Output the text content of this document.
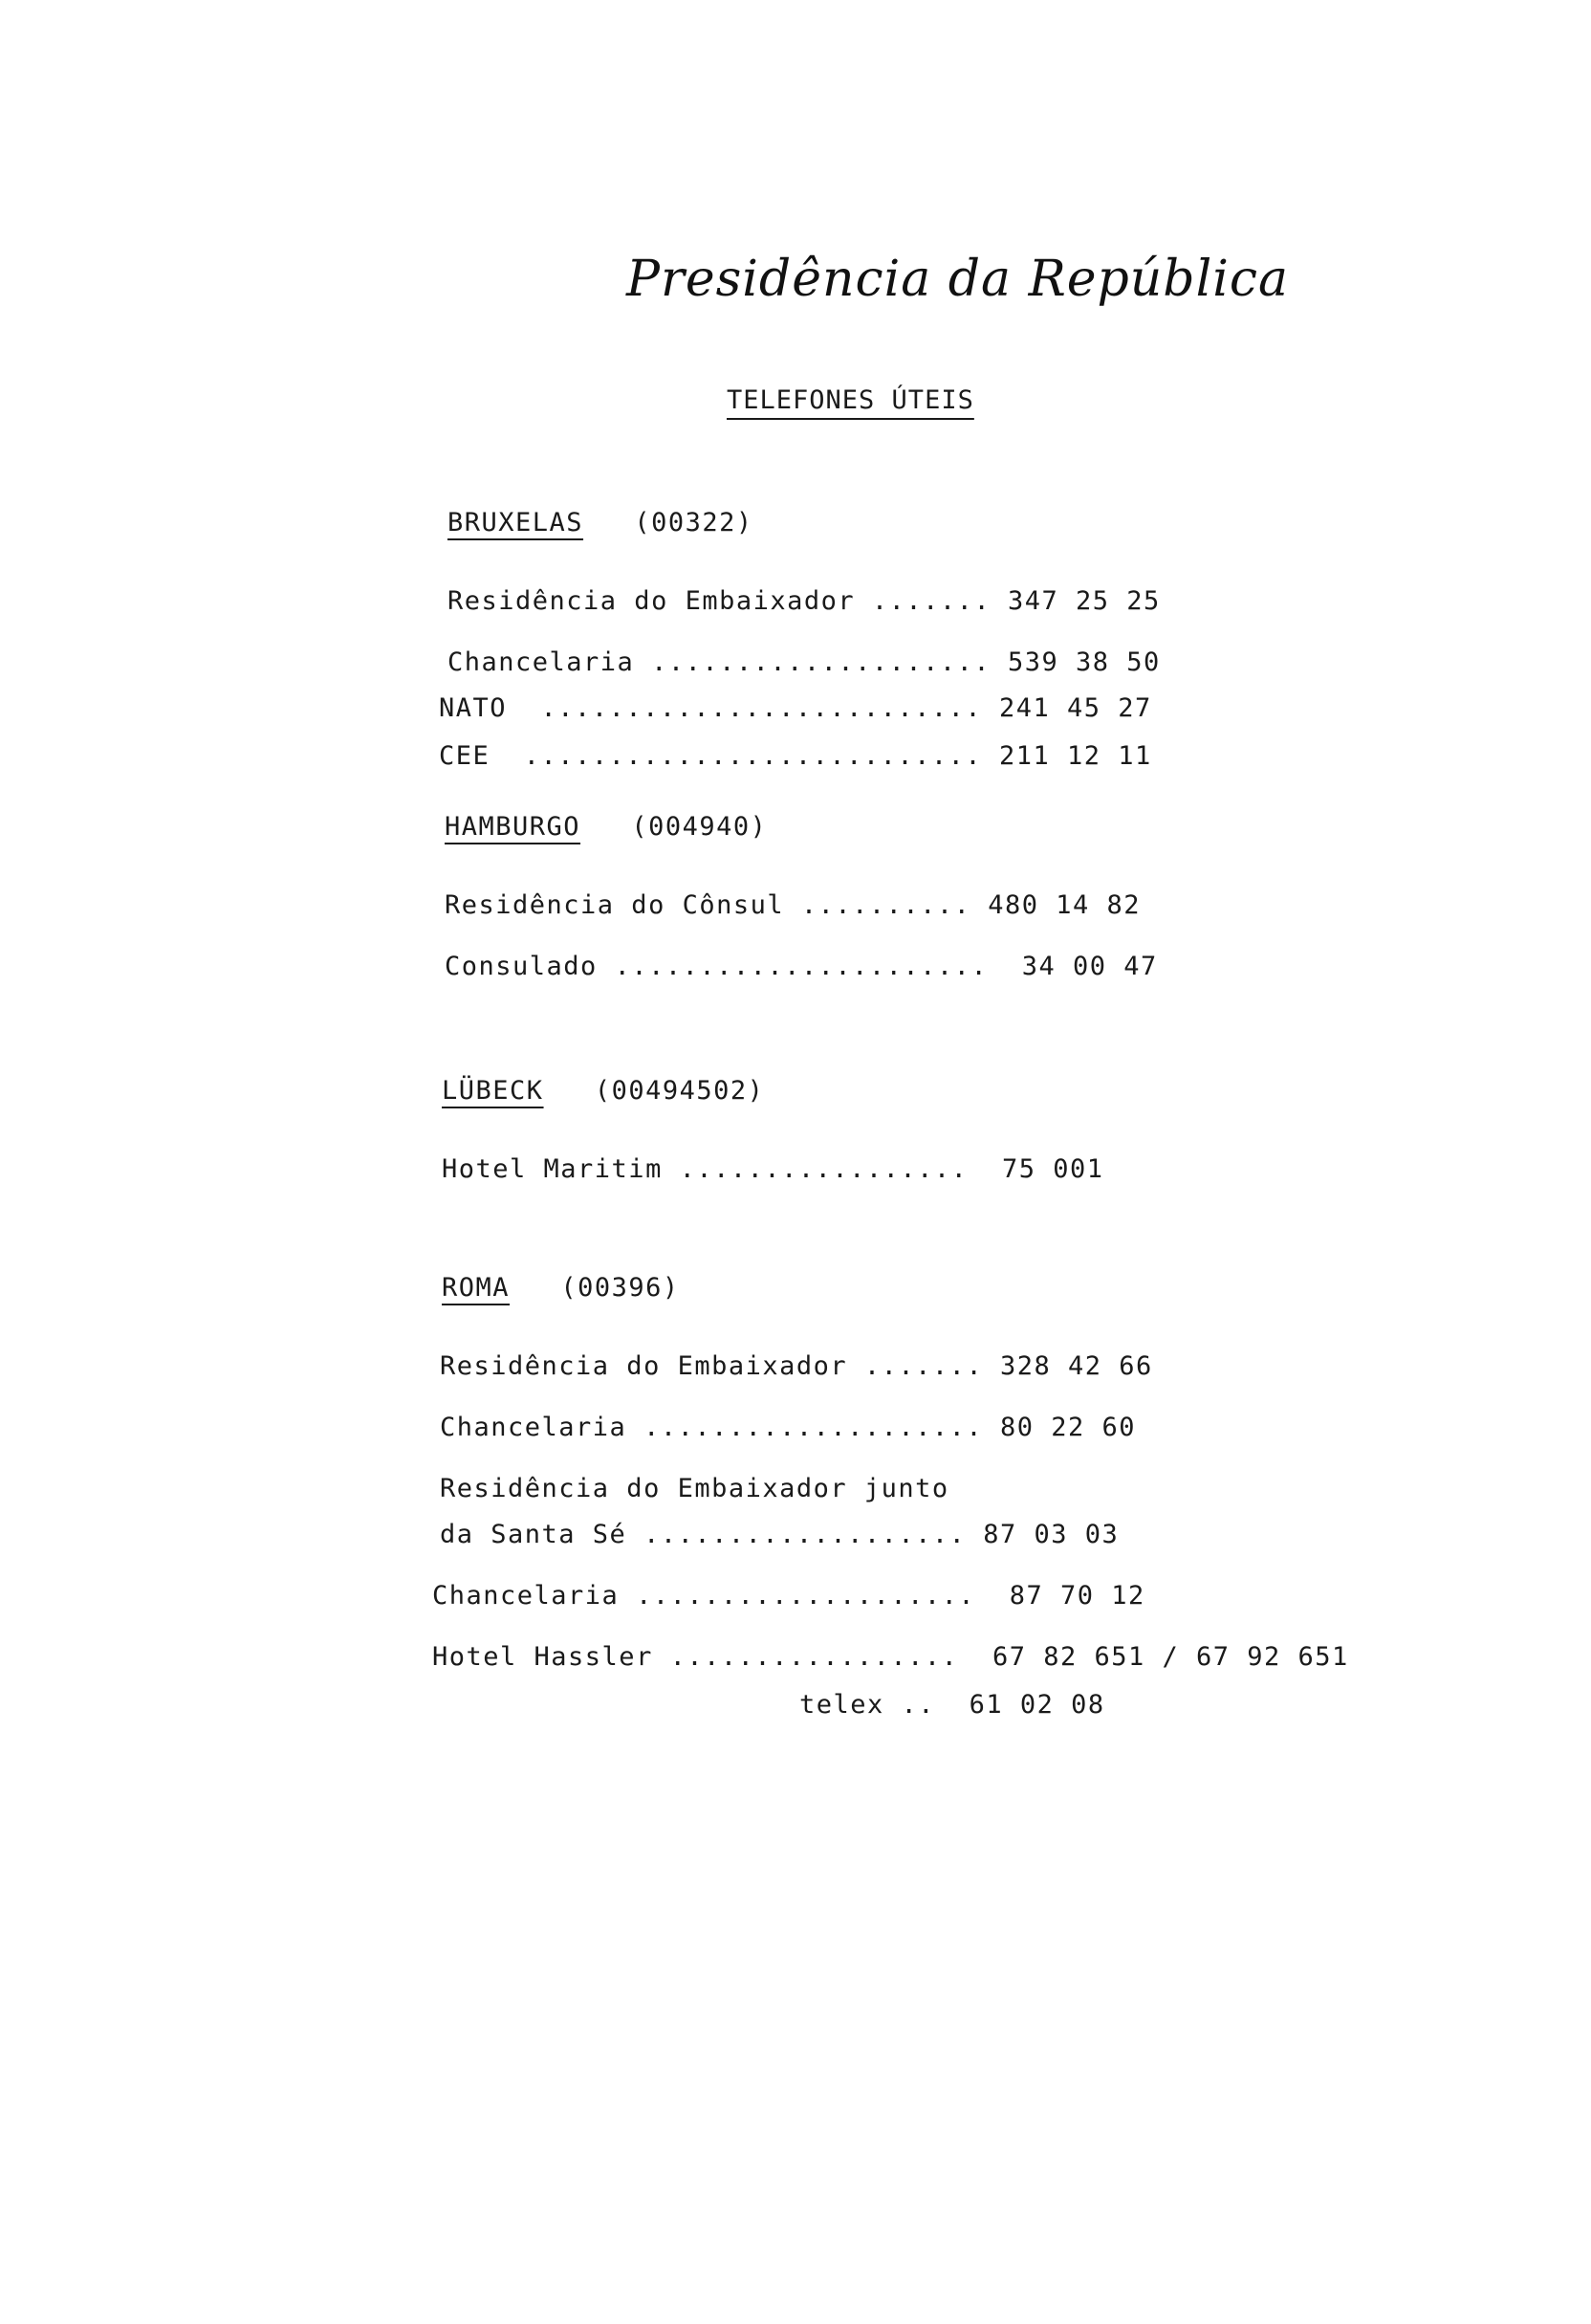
Presidência da República
TELEFONES ÚTEIS
BRUXELAS (00322)
Residência do Embaixador ....... 347 25 25
Chancelaria .................... 539 38 50
NATO .......................... 241 45 27
CEE ........................... 211 12 11
HAMBURGO (004940)
Residência do Cônsul .......... 480 14 82
Consulado ...................... 34 00 47
LÜBECK (00494502)
Hotel Maritim ................. 75 001
ROMA (00396)
Residência do Embaixador ....... 328 42 66
Chancelaria .................... 80 22 60
Residência do Embaixador junto
da Santa Sé ................... 87 03 03
Chancelaria .................... 87 70 12
Hotel Hassler ................. 67 82 651 / 67 92 651
telex .. 61 02 08
